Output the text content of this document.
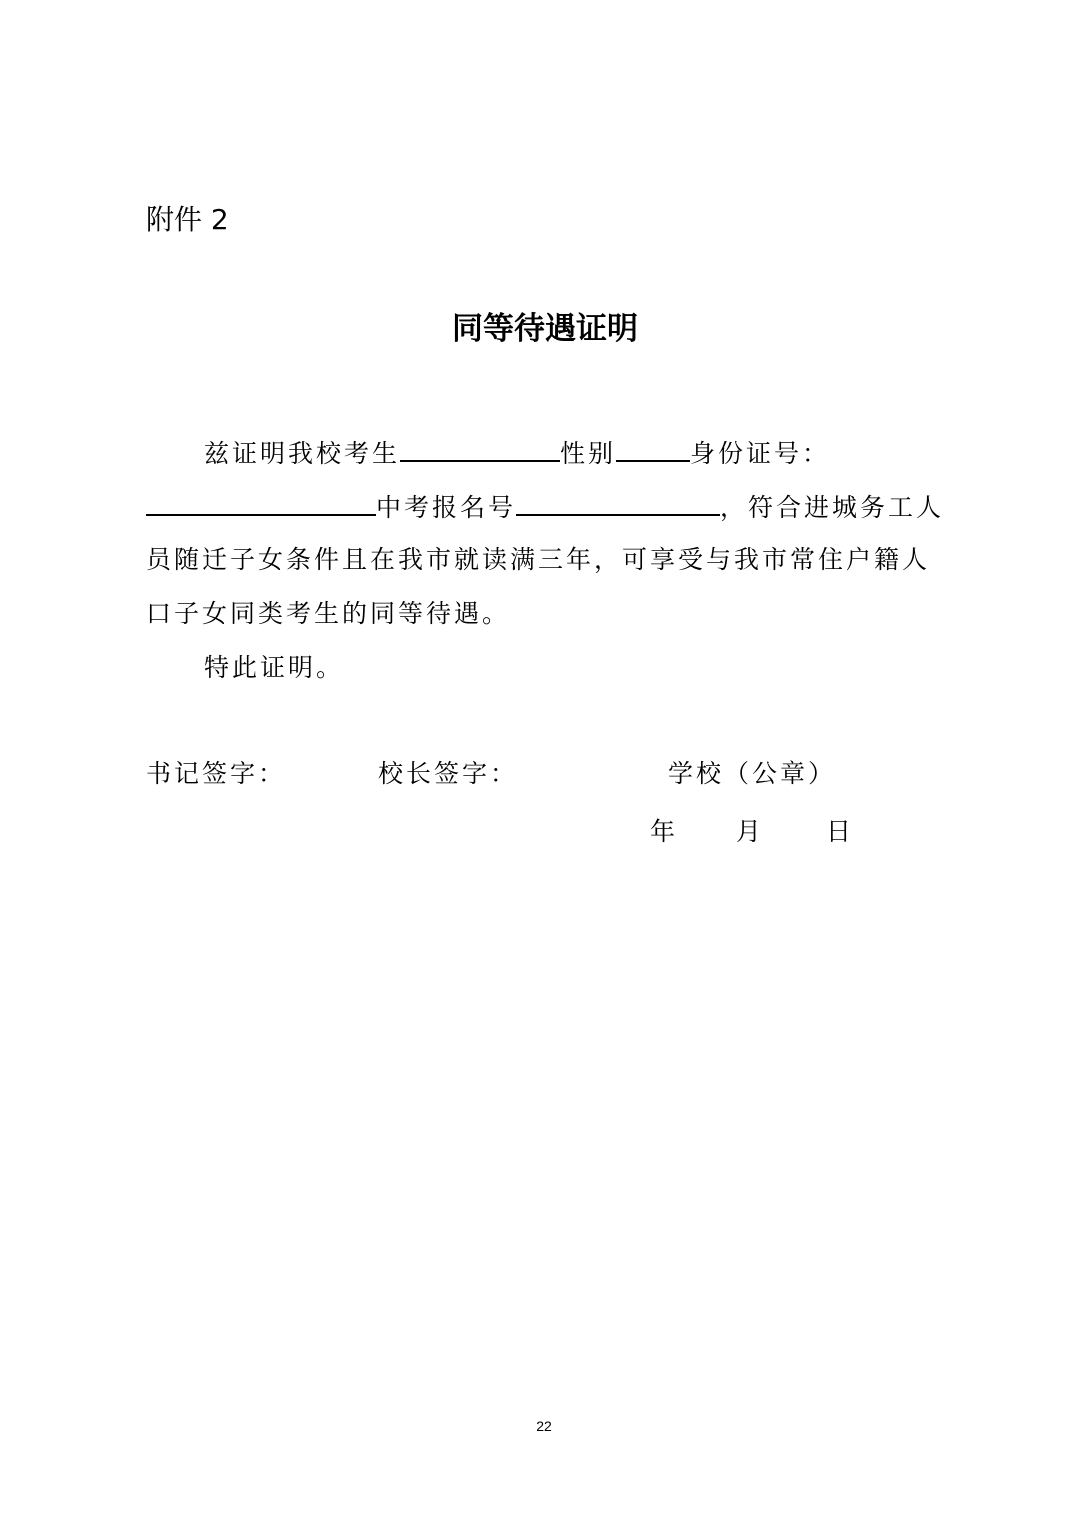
附件 2
同等待遇证明
兹证明我校考生	性别	身份证号：
中考报名号	，符合进城务工人
员随迁子女条件且在我市就读满三年，可享受与我市常住户籍人
口子女同类考生的同等待遇。
特此证明。
书记签字：	校长签字：	学校（公章）
年 月	日
22
